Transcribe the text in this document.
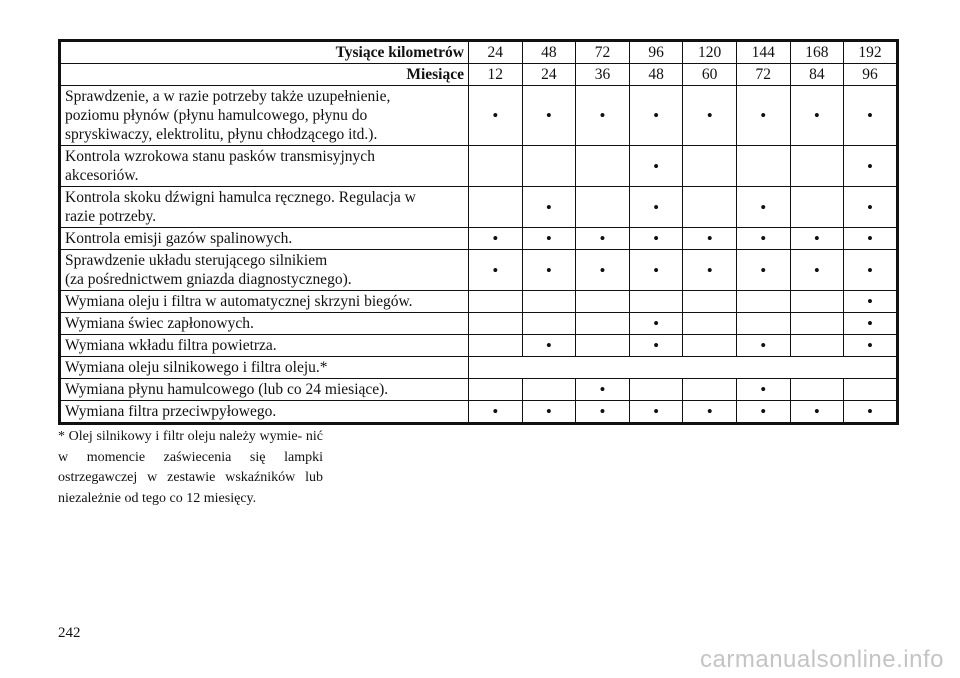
Tysiące kilometrów	24	48	72	96	120	144	168	192
Miesiące	12	24	36	48	60	72	84	96
Sprawdzenie, a w razie potrzeby także uzupełnienie,
poziomu płynów (płynu hamulcowego, płynu do
spryskiwaczy, elektrolitu, płynu chłodzącego itd.).	•	•	•	•	•	•	•	•
Kontrola wzrokowa stanu pasków transmisyjnych
akcesoriów.				•				•
Kontrola skoku dźwigni hamulca ręcznego. Regulacja w
razie potrzeby.		•		•		•		•
Kontrola emisji gazów spalinowych.	•	•	•	•	•	•	•	•
Sprawdzenie układu sterującego silnikiem
(za pośrednictwem gniazda diagnostycznego).	•	•	•	•	•	•	•	•
Wymiana oleju i filtra w automatycznej skrzyni biegów.								•
Wymiana świec zapłonowych.				•				•
Wymiana wkładu filtra powietrza.		•		•		•		•
Wymiana oleju silnikowego i filtra oleju.*								
Wymiana płynu hamulcowego (lub co 24 miesiące).			•			•		
Wymiana filtra przeciwpyłowego.	•	•	•	•	•	•	•	•

* Olej silnikowy i filtr oleju należy wymie- nić w momencie zaświecenia się lampki ostrzegawczej w zestawie wskaźników lub niezależnie od tego co 12 miesięcy.

242
carmanualsonline.info
